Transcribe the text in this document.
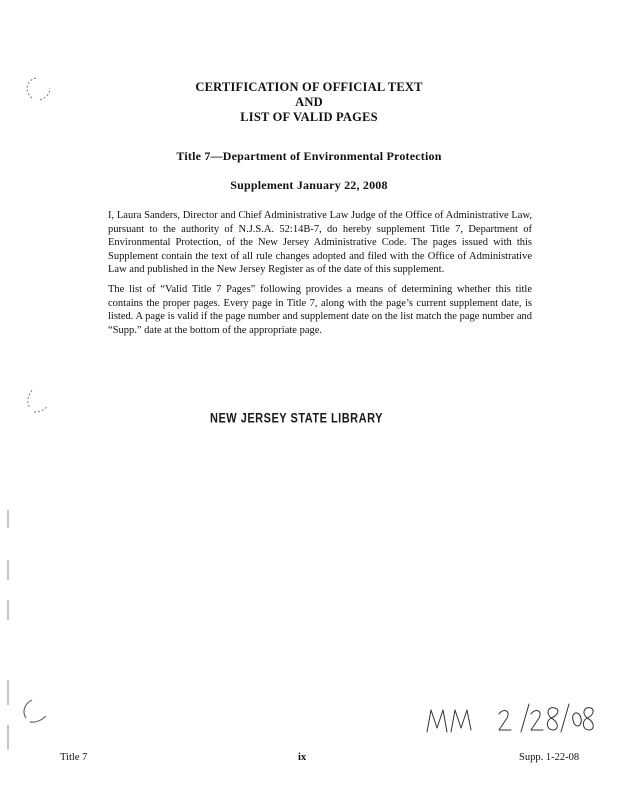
CERTIFICATION OF OFFICIAL TEXT
AND
LIST OF VALID PAGES
Title 7—Department of Environmental Protection
Supplement January 22, 2008

I, Laura Sanders, Director and Chief Administrative Law Judge of the Office of Administrative Law, pursuant to the authority of N.J.S.A. 52:14B-7, do hereby supplement Title 7, Department of Environmental Protection, of the New Jersey Administrative Code. The pages issued with this Supplement contain the text of all rule changes adopted and filed with the Office of Administrative Law and published in the New Jersey Register as of the date of this supplement.

The list of “Valid Title 7 Pages” following provides a means of determining whether this title contains the proper pages. Every page in Title 7, along with the page’s current supplement date, is listed. A page is valid if the page number and supplement date on the list match the page number and “Supp.” date at the bottom of the appropriate page.

NEW JERSEY STATE LIBRARY
Title 7	ix	Supp. 1-22-08
